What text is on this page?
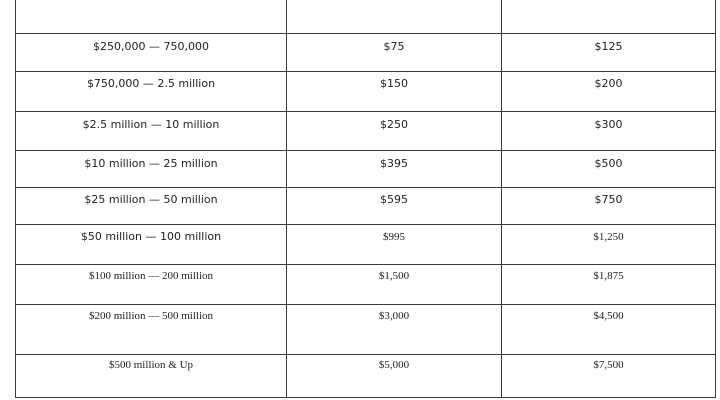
$250,000 — 750,000	$75	$125
$750,000 — 2.5 million	$150	$200
$2.5 million — 10 million	$250	$300
$10 million — 25 million	$395	$500
$25 million — 50 million	$595	$750
$50 million — 100 million	$995	$1,250
$100 million — 200 million	$1,500	$1,875
$200 million — 500 million	$3,000	$4,500
$500 million & Up	$5,000	$7,500
